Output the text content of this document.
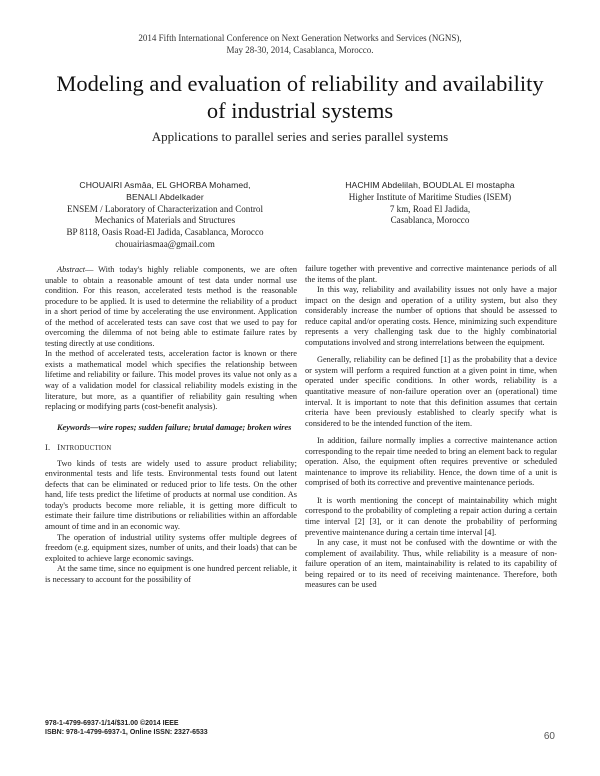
2014 Fifth International Conference on Next Generation Networks and Services (NGNS),
May 28-30, 2014, Casablanca, Morocco.
Modeling and evaluation of reliability and availability
of industrial systems
Applications to parallel series and series parallel systems
CHOUAIRI Asmâa, EL GHORBA Mohamed,
BENALI Abdelkader
ENSEM / Laboratory of Characterization and Control
Mechanics of Materials and Structures
BP 8118, Oasis Road-El Jadida, Casablanca, Morocco
chouairiasmaa@gmail.com
HACHIM Abdelilah, BOUDLAL El mostapha
Higher Institute of Maritime Studies (ISEM)
7 km, Road El Jadida,
Casablanca, Morocco

Abstract— With today's highly reliable components, we are often unable to obtain a reasonable amount of test data under normal use condition. For this reason, accelerated tests method is the reasonable procedure to be applied. It is used to determine the reliability of a product in a short period of time by accelerating the use environment. Application of the method of accelerated tests can save cost that we used to pay for overcoming the dilemma of not being able to estimate failure rates by testing directly at use conditions.

In the method of accelerated tests, acceleration factor is known or there exists a mathematical model which specifies the relationship between lifetime and reliability or failure. This model proves its value not only as a way of a validation model for classical reliability models existing in the literature, but more, as a quantifier of reliability gain resulting when replacing or modifying parts (cost-benefit analysis).

Keywords—wire ropes; sudden failure; brutal damage; broken wires

I. INTRODUCTION

Two kinds of tests are widely used to assure product reliability; environmental tests and life tests. Environmental tests found out latent defects that can be eliminated or reduced prior to life tests. On the other hand, life tests predict the lifetime of products at normal use condition. As today's products become more reliable, it is getting more difficult to estimate their failure time distributions or reliabilities within an affordable amount of time and in an economic way.

The operation of industrial utility systems offer multiple degrees of freedom (e.g. equipment sizes, number of units, and their loads) that can be exploited to achieve large economic savings.

At the same time, since no equipment is one hundred percent reliable, it is necessary to account for the possibility of

failure together with preventive and corrective maintenance periods of all the items of the plant.

In this way, reliability and availability issues not only have a major impact on the design and operation of a utility system, but also they considerably increase the number of options that should be assessed to reduce capital and/or operating costs. Hence, minimizing such expenditure represents a very challenging task due to the highly combinatorial computations involved and strong interrelations between the equipment.

Generally, reliability can be defined [1] as the probability that a device or system will perform a required function at a given point in time, when operated under specific conditions. In other words, reliability is a quantitative measure of non-failure operation over an (operational) time interval. It is important to note that this definition assumes that certain criteria have been previously established to clearly specify what is considered to be the intended function of the item.

In addition, failure normally implies a corrective maintenance action corresponding to the repair time needed to bring an element back to regular operation. Also, the equipment often requires preventive or scheduled maintenance to improve its reliability. Hence, the down time of a unit is comprised of both its corrective and preventive maintenance periods.

It is worth mentioning the concept of maintainability which might correspond to the probability of completing a repair action during a certain time interval [2] [3], or it can denote the probability of performing preventive maintenance during a certain time interval [4].

In any case, it must not be confused with the downtime or with the complement of availability. Thus, while reliability is a measure of non-failure operation of an item, maintainability is related to its capability of being repaired or to its need of receiving maintenance. Therefore, both measures can be used

978-1-4799-6937-1/14/$31.00 ©2014 IEEE
ISBN: 978-1-4799-6937-1, Online ISSN: 2327-6533	60
